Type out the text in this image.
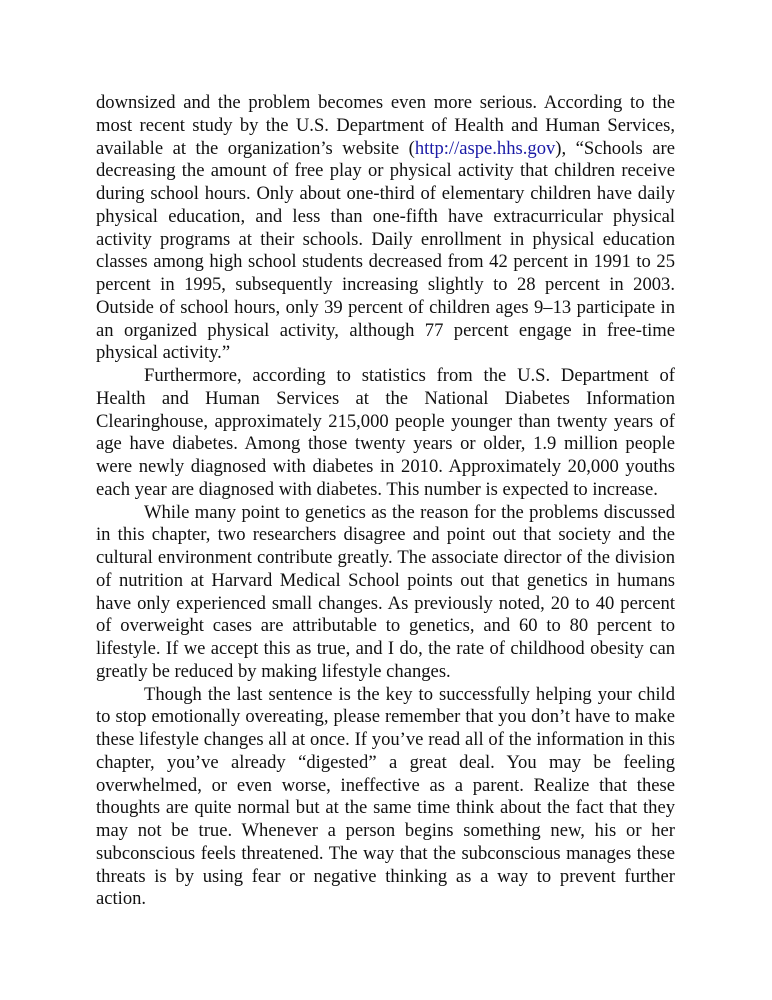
downsized and the problem becomes even more serious. According to the most recent study by the U.S. Department of Health and Human Services, available at the organization’s website (http://aspe.hhs.gov), “Schools are decreasing the amount of free play or physical activity that children receive during school hours. Only about one-third of elementary children have daily physical education, and less than one-fifth have extracurricular physical activity programs at their schools. Daily enrollment in physical education classes among high school students decreased from 42 percent in 1991 to 25 percent in 1995, subsequently increasing slightly to 28 percent in 2003. Outside of school hours, only 39 percent of children ages 9–13 participate in an organized physical activity, although 77 percent engage in free-time physical activity.”

Furthermore, according to statistics from the U.S. Department of Health and Human Services at the National Diabetes Information Clearinghouse, approximately 215,000 people younger than twenty years of age have diabetes. Among those twenty years or older, 1.9 million people were newly diagnosed with diabetes in 2010. Approximately 20,000 youths each year are diagnosed with diabetes. This number is expected to increase.

While many point to genetics as the reason for the problems discussed in this chapter, two researchers disagree and point out that society and the cultural environment contribute greatly. The associate director of the division of nutrition at Harvard Medical School points out that genetics in humans have only experienced small changes. As previously noted, 20 to 40 percent of overweight cases are attributable to genetics, and 60 to 80 percent to lifestyle. If we accept this as true, and I do, the rate of childhood obesity can greatly be reduced by making lifestyle changes.

Though the last sentence is the key to successfully helping your child to stop emotionally overeating, please remember that you don’t have to make these lifestyle changes all at once. If you’ve read all of the information in this chapter, you’ve already “digested” a great deal. You may be feeling overwhelmed, or even worse, ineffective as a parent. Realize that these thoughts are quite normal but at the same time think about the fact that they may not be true. Whenever a person begins something new, his or her subconscious feels threatened. The way that the subconscious manages these threats is by using fear or negative thinking as a way to prevent further action.
